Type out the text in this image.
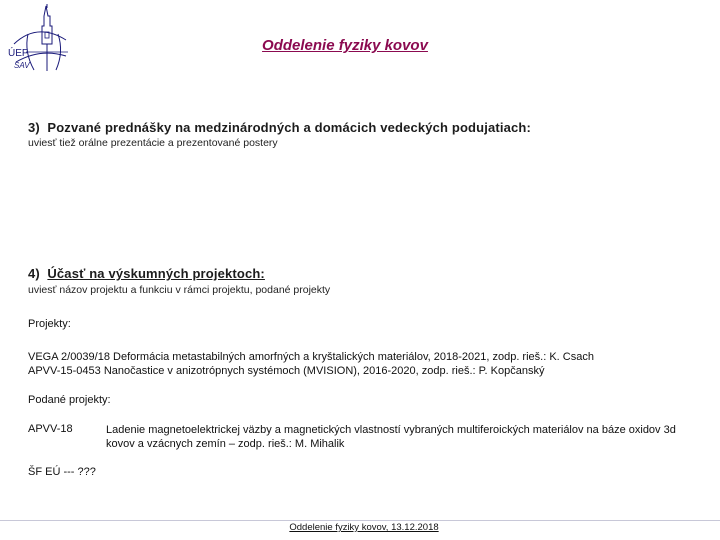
ÚEF
SAV
Oddelenie fyziky kovov
3) Pozvané prednášky na medzinárodných a domácich vedeckých podujatiach:
uviesť tiež orálne prezentácie a prezentované postery
4) Účasť na výskumných projektoch:
uviesť názov projektu a funkciu v rámci projektu, podané projekty
Projekty:
VEGA 2/0039/18 Deformácia metastabilných amorfných a kryštalických materiálov, 2018-2021, zodp. rieš.: K. Csach
APVV-15-0453 Nanočastice v anizotrópnych systémoch (MVISION), 2016-2020, zodp. rieš.: P. Kopčanský
Podané projekty:
APVV-18	Ladenie magnetoelektrickej väzby a magnetických vlastností vybraných multiferoických materiálov na báze oxidov 3d kovov a vzácnych zemín – zodp. rieš.: M. Mihalik
ŠF EÚ --- ???
Oddelenie fyziky kovov, 13.12.2018
